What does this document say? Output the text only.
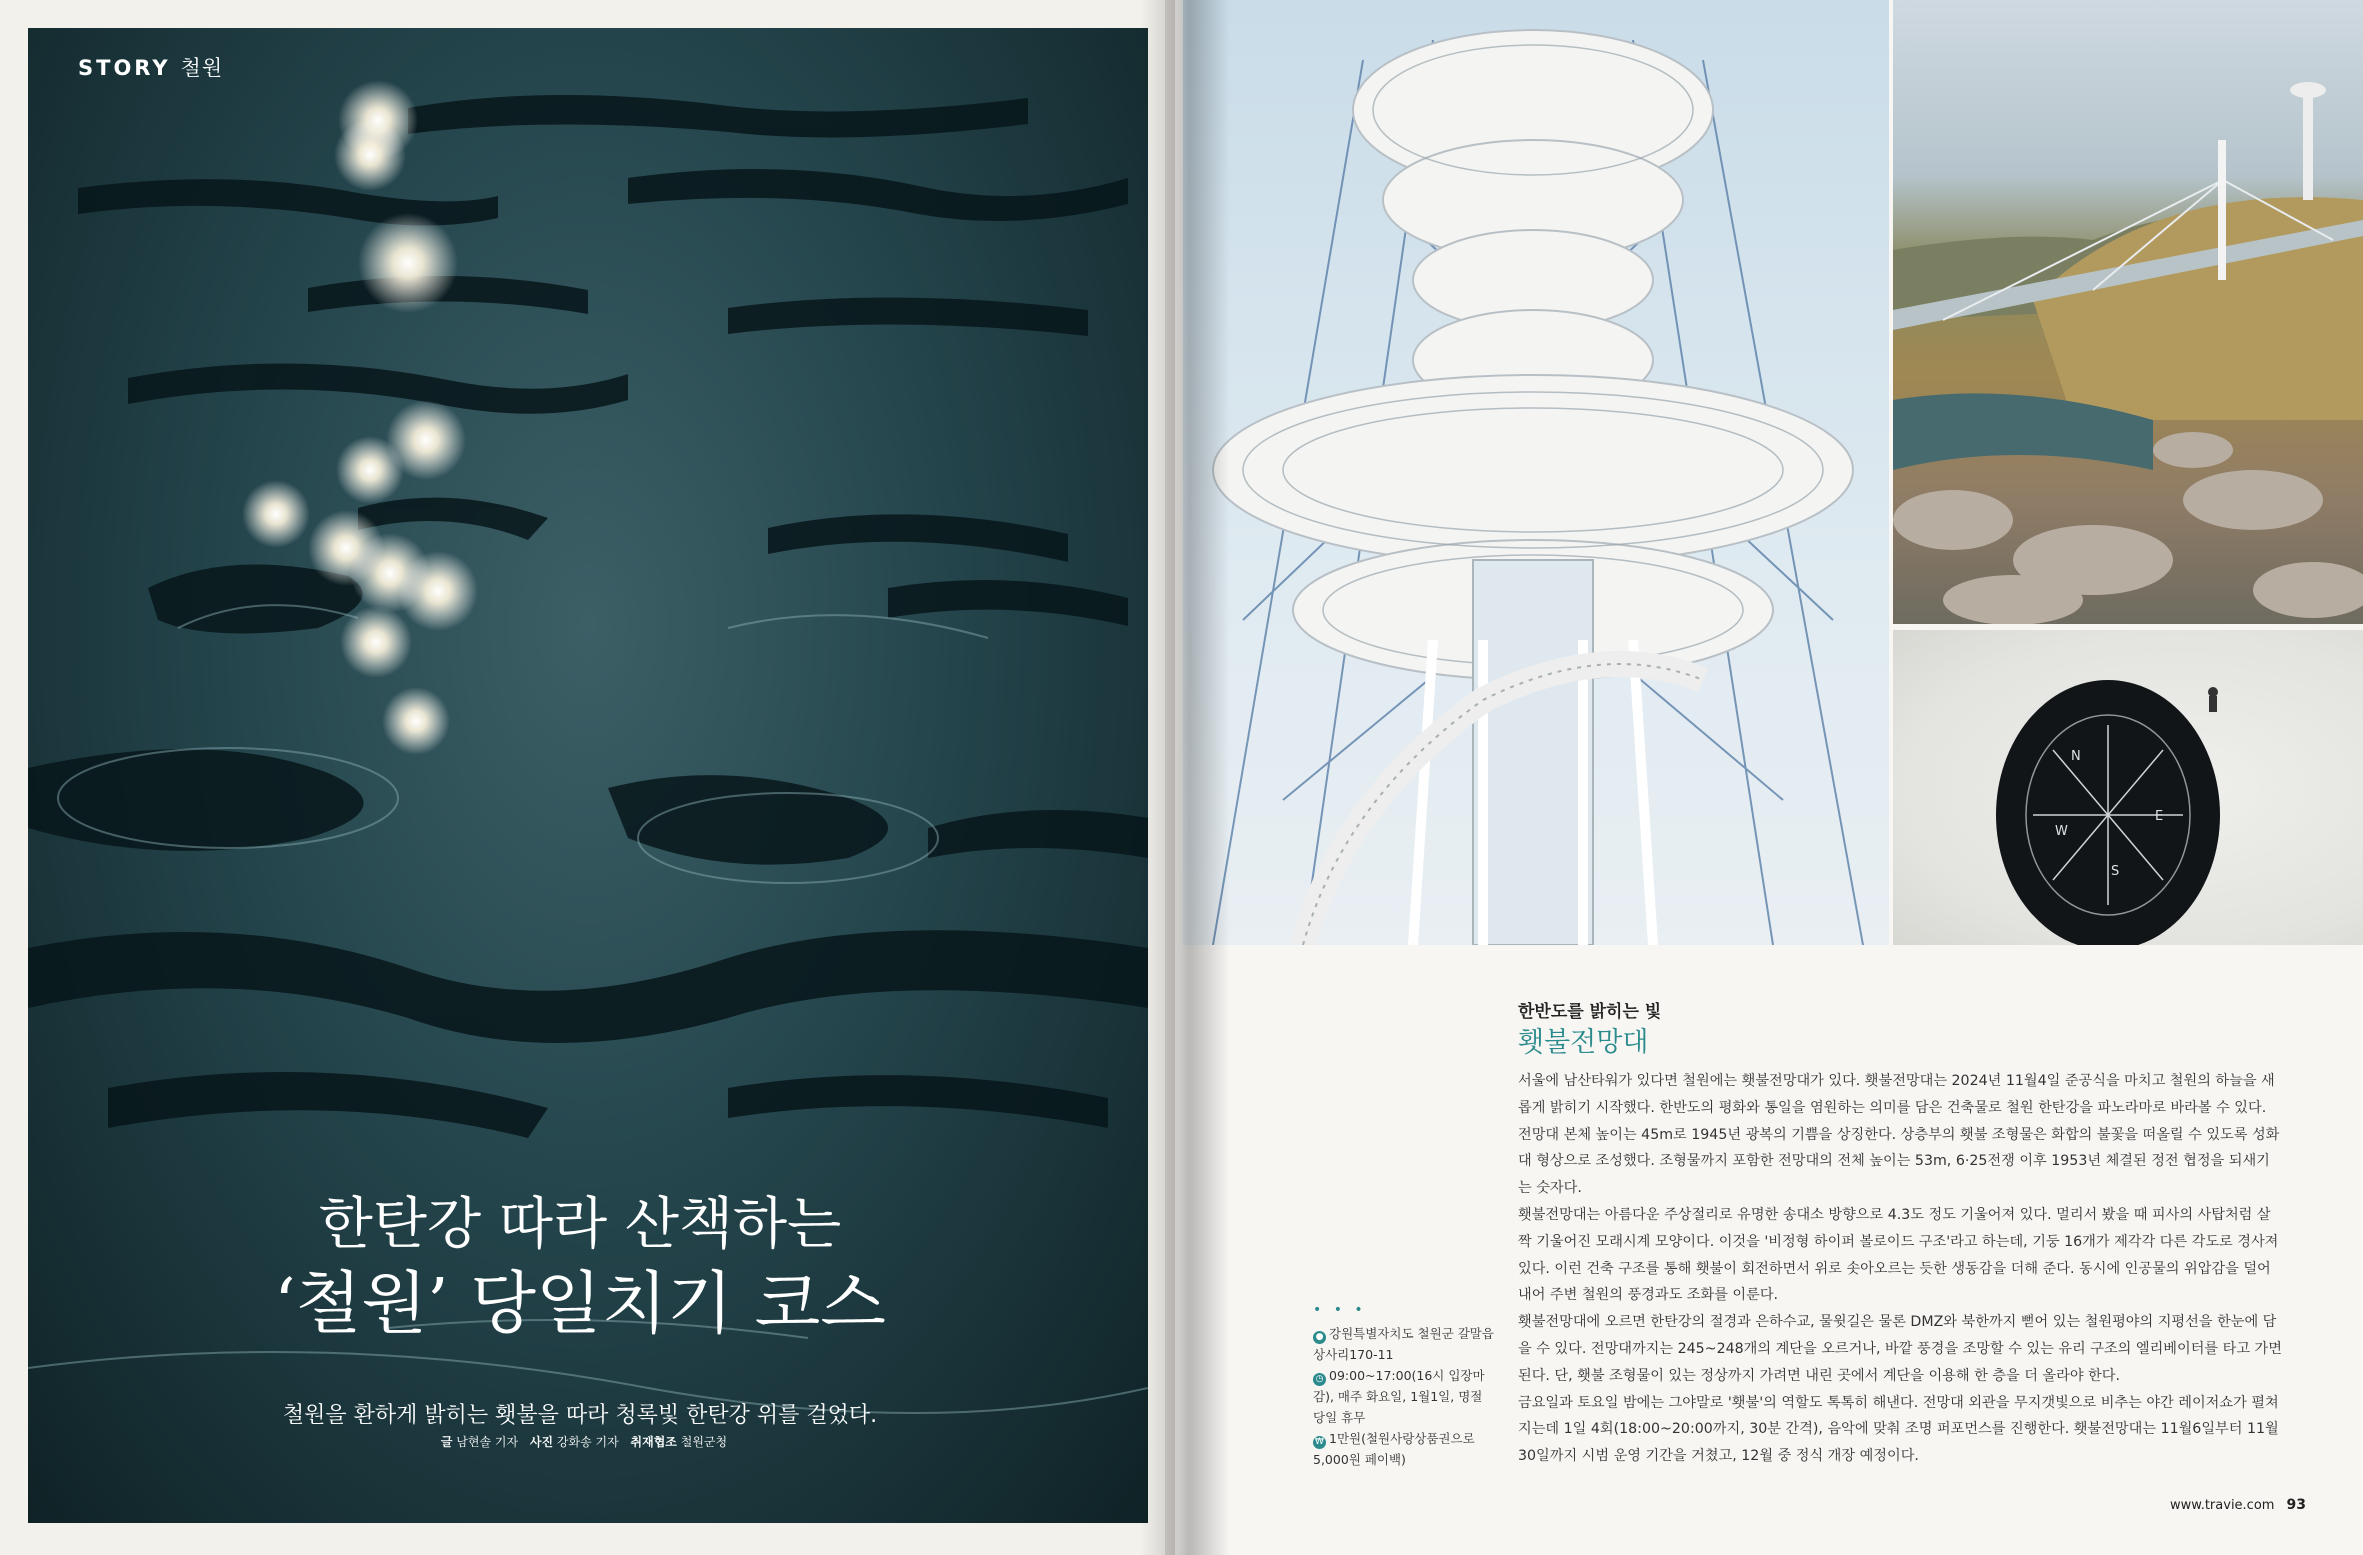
STORY 철원
한탄강 따라 산책하는
‘철원’ 당일치기 코스
철원을 환하게 밝히는 횃불을 따라 청록빛 한탄강 위를 걸었다.
글 남현솔 기자 사진 강화송 기자 취재협조 철원군청
N
W
E
S
한반도를 밝히는 빛
횃불전망대

서울에 남산타워가 있다면 철원에는 횃불전망대가 있다. 횃불전망대는 2024년 11월4일 준공식을 마치고 철원의 하늘을 새롭게 밝히기 시작했다. 한반도의 평화와 통일을 염원하는 의미를 담은 건축물로 철원 한탄강을 파노라마로 바라볼 수 있다. 전망대 본체 높이는 45m로 1945년 광복의 기쁨을 상징한다. 상층부의 횃불 조형물은 화합의 불꽃을 떠올릴 수 있도록 성화대 형상으로 조성했다. 조형물까지 포함한 전망대의 전체 높이는 53m, 6·25전쟁 이후 1953년 체결된 정전 협정을 되새기는 숫자다.

횃불전망대는 아름다운 주상절리로 유명한 송대소 방향으로 4.3도 정도 기울어져 있다. 멀리서 봤을 때 피사의 사탑처럼 살짝 기울어진 모래시계 모양이다. 이것을 '비정형 하이퍼 볼로이드 구조'라고 하는데, 기둥 16개가 제각각 다른 각도로 경사져 있다. 이런 건축 구조를 통해 횃불이 회전하면서 위로 솟아오르는 듯한 생동감을 더해 준다. 동시에 인공물의 위압감을 덜어내어 주변 철원의 풍경과도 조화를 이룬다.

횃불전망대에 오르면 한탄강의 절경과 은하수교, 물윗길은 물론 DMZ와 북한까지 뻗어 있는 철원평야의 지평선을 한눈에 담을 수 있다. 전망대까지는 245~248개의 계단을 오르거나, 바깥 풍경을 조망할 수 있는 유리 구조의 엘리베이터를 타고 가면 된다. 단, 횃불 조형물이 있는 정상까지 가려면 내린 곳에서 계단을 이용해 한 층을 더 올라야 한다.

금요일과 토요일 밤에는 그야말로 '횃불'의 역할도 톡톡히 해낸다. 전망대 외관을 무지갯빛으로 비추는 야간 레이저쇼가 펼쳐지는데 1일 4회(18:00~20:00까지, 30분 간격), 음악에 맞춰 조명 퍼포먼스를 진행한다. 횃불전망대는 11월6일부터 11월30일까지 시범 운영 기간을 거쳤고, 12월 중 정식 개장 예정이다.

• • •
● 강원특별자치도 철원군 갈말읍 상사리170-11
◷ 09:00~17:00(16시 입장마감), 매주 화요일, 1월1일, 명절 당일 휴무
₩ 1만원(철원사랑상품권으로 5,000원 페이백)
www.travie.com 93
